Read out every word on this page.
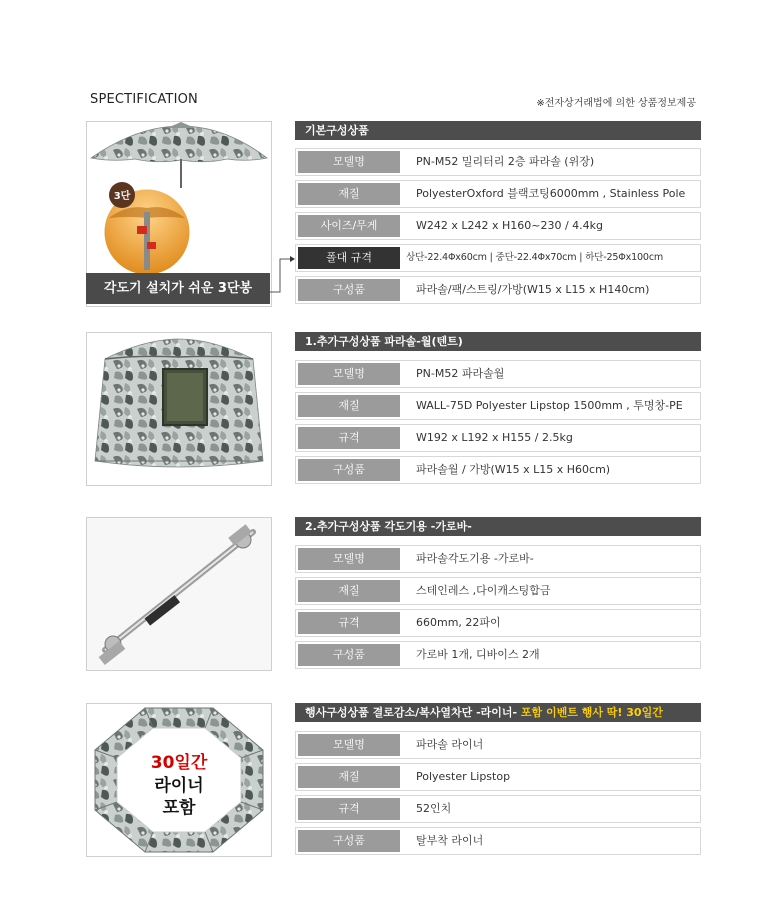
SPECTIFICATION	※전자상거래법에 의한 상품정보제공
3단
각도기 설치가 쉬운 3단봉
기본구성상품
모델명	PN-M52 밀리터리 2층 파라솔 (위장)
재질	PolyesterOxford 블랙코팅6000mm , Stainless Pole
사이즈/무게	W242 x L242 x H160~230 / 4.4kg
폴대 규격	상단-22.4Φx60cm | 중단-22.4Φx70cm | 하단-25Φx100cm
구성품	파라솔/팩/스트링/가방(W15 x L15 x H140cm)
1.추가구성상품 파라솔-월(텐트)
모델명	PN-M52 파라솔월
재질	WALL-75D Polyester Lipstop 1500mm , 투명창-PE
규격	W192 x L192 x H155 / 2.5kg
구성품	파라솔월 / 가방(W15 x L15 x H60cm)
2.추가구성상품 각도기용 -가로바-
모델명	파라솔각도기용 -가로바-
재질	스테인레스 ,다이캐스팅합금
규격	660mm, 22파이
구성품	가로바 1개, 디바이스 2개
30일간
라이너
포함
행사구성상품 결로감소/복사열차단 -라이너- 포함 이벤트 행사 딱! 30일간
모델명	파라솔 라이너
재질	Polyester Lipstop
규격	52인치
구성품	탈부착 라이너
